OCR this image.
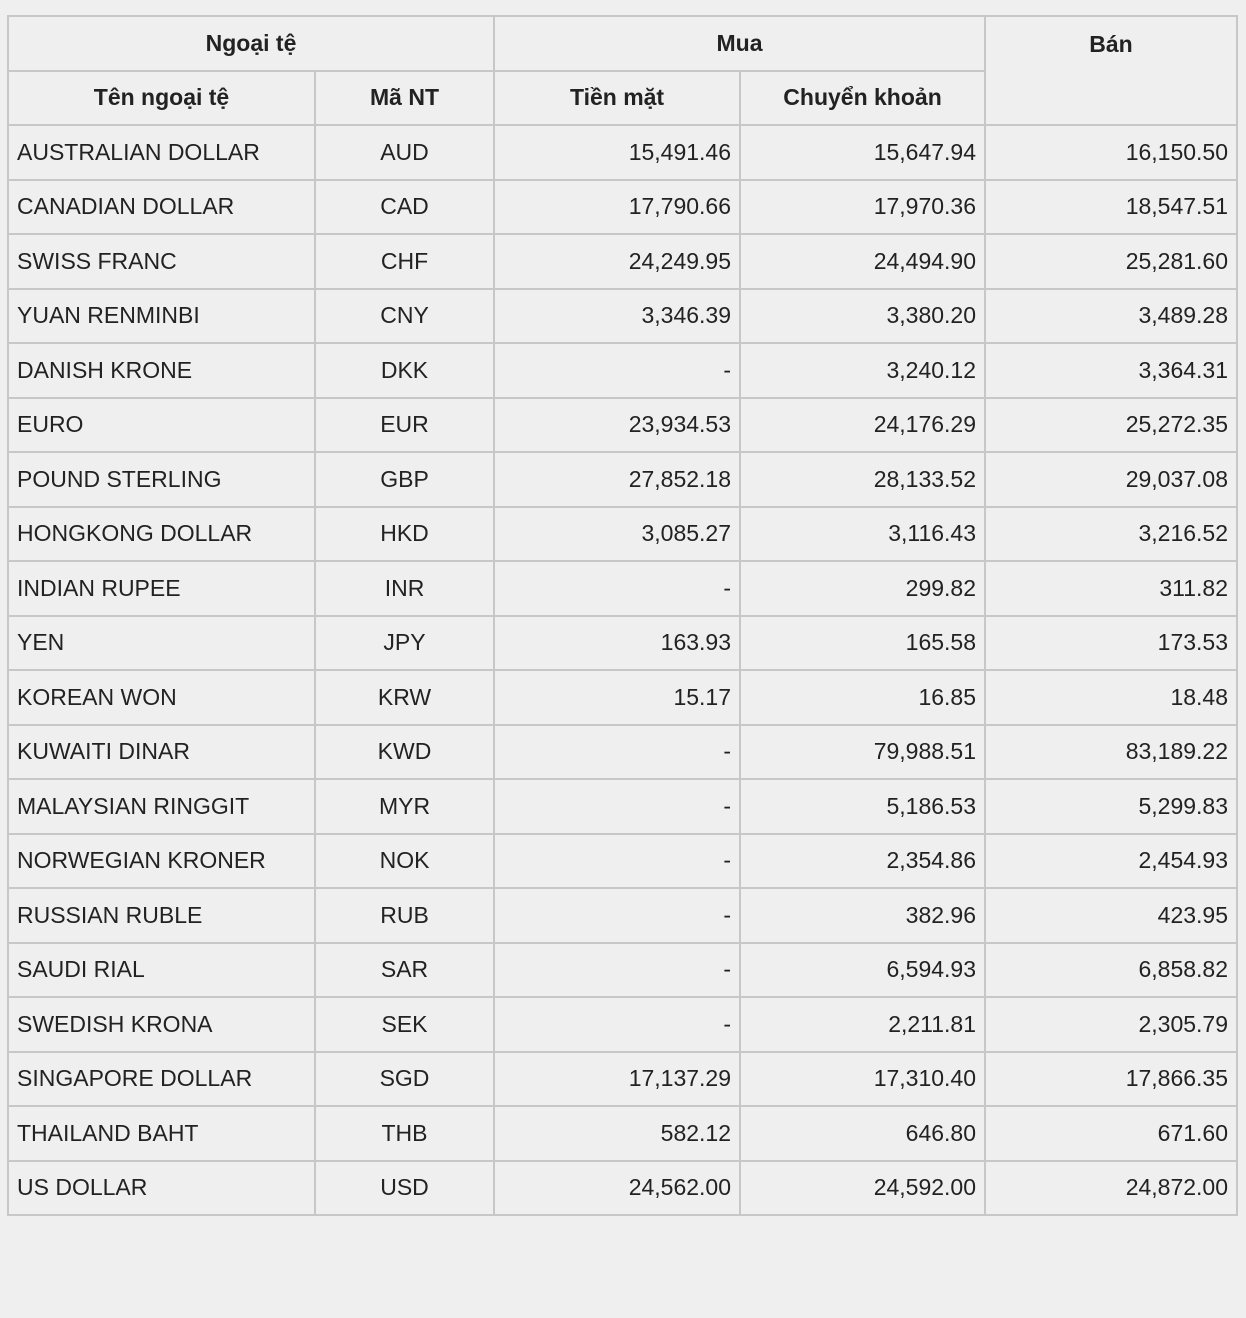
Ngoại tệ		Mua		Bán
Tên ngoại tệ	Mã NT	Tiền mặt	Chuyển khoản	
AUSTRALIAN DOLLAR	AUD	15,491.46	15,647.94	16,150.50
CANADIAN DOLLAR	CAD	17,790.66	17,970.36	18,547.51
SWISS FRANC	CHF	24,249.95	24,494.90	25,281.60
YUAN RENMINBI	CNY	3,346.39	3,380.20	3,489.28
DANISH KRONE	DKK	-	3,240.12	3,364.31
EURO	EUR	23,934.53	24,176.29	25,272.35
POUND STERLING	GBP	27,852.18	28,133.52	29,037.08
HONGKONG DOLLAR	HKD	3,085.27	3,116.43	3,216.52
INDIAN RUPEE	INR	-	299.82	311.82
YEN	JPY	163.93	165.58	173.53
KOREAN WON	KRW	15.17	16.85	18.48
KUWAITI DINAR	KWD	-	79,988.51	83,189.22
MALAYSIAN RINGGIT	MYR	-	5,186.53	5,299.83
NORWEGIAN KRONER	NOK	-	2,354.86	2,454.93
RUSSIAN RUBLE	RUB	-	382.96	423.95
SAUDI RIAL	SAR	-	6,594.93	6,858.82
SWEDISH KRONA	SEK	-	2,211.81	2,305.79
SINGAPORE DOLLAR	SGD	17,137.29	17,310.40	17,866.35
THAILAND BAHT	THB	582.12	646.80	671.60
US DOLLAR	USD	24,562.00	24,592.00	24,872.00
